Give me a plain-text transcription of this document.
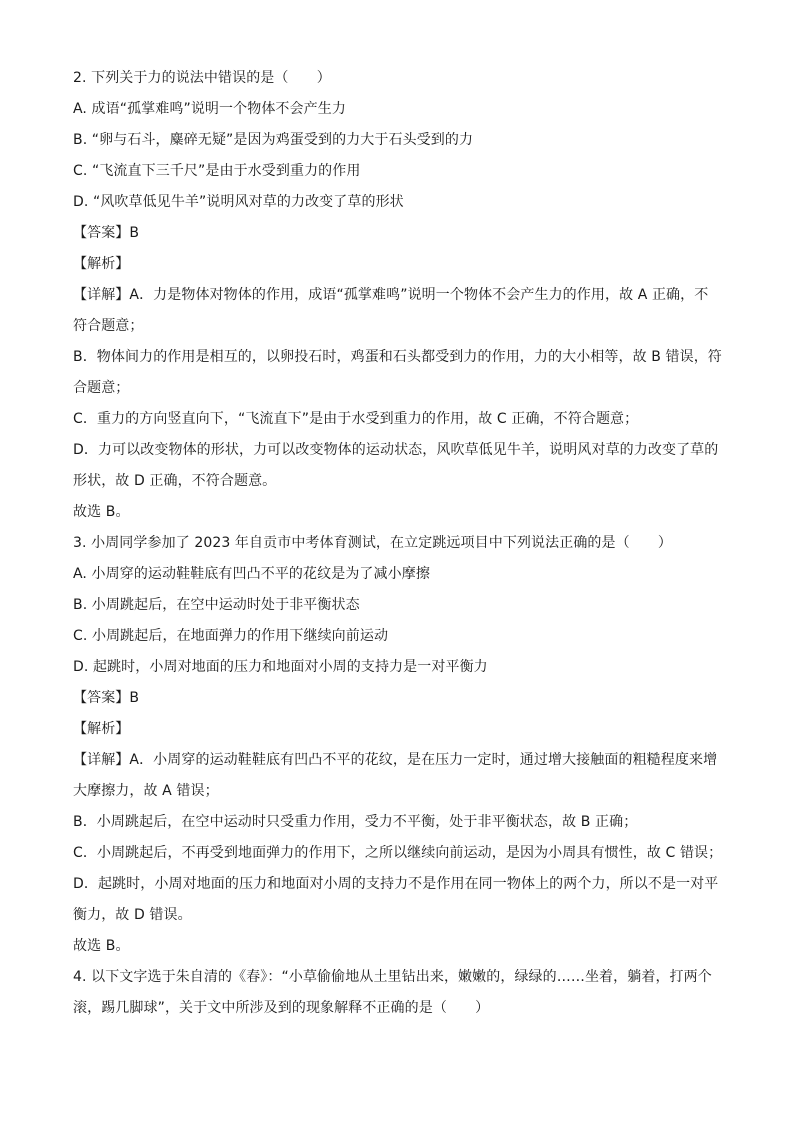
2. 下列关于力的说法中错误的是（　　）
A. 成语“孤掌难鸣”说明一个物体不会产生力
B. “卵与石斗，麋碎无疑”是因为鸡蛋受到的力大于石头受到的力
C. “飞流直下三千尺”是由于水受到重力的作用
D. “风吹草低见牛羊”说明风对草的力改变了草的形状
【答案】B
【解析】
【详解】A．力是物体对物体的作用，成语“孤掌难鸣”说明一个物体不会产生力的作用，故 A 正确，不
符合题意；
B．物体间力的作用是相互的，以卵投石时，鸡蛋和石头都受到力的作用，力的大小相等，故 B 错误，符
合题意；
C．重力的方向竖直向下，“飞流直下”是由于水受到重力的作用，故 C 正确，不符合题意；
D．力可以改变物体的形状，力可以改变物体的运动状态，风吹草低见牛羊，说明风对草的力改变了草的
形状，故 D 正确，不符合题意。
故选 B。
3. 小周同学参加了 2023 年自贡市中考体育测试，在立定跳远项目中下列说法正确的是（　　）
A. 小周穿的运动鞋鞋底有凹凸不平的花纹是为了减小摩擦
B. 小周跳起后，在空中运动时处于非平衡状态
C. 小周跳起后，在地面弹力的作用下继续向前运动
D. 起跳时，小周对地面的压力和地面对小周的支持力是一对平衡力
【答案】B
【解析】
【详解】A．小周穿的运动鞋鞋底有凹凸不平的花纹，是在压力一定时，通过增大接触面的粗糙程度来增
大摩擦力，故 A 错误；
B．小周跳起后，在空中运动时只受重力作用，受力不平衡，处于非平衡状态，故 B 正确；
C．小周跳起后，不再受到地面弹力的作用下，之所以继续向前运动，是因为小周具有惯性，故 C 错误；
D．起跳时，小周对地面的压力和地面对小周的支持力不是作用在同一物体上的两个力，所以不是一对平
衡力，故 D 错误。
故选 B。
4. 以下文字选于朱自清的《春》：“小草偷偷地从土里钻出来，嫩嫩的，绿绿的……坐着，躺着，打两个
滚，踢几脚球”，关于文中所涉及到的现象解释不正确的是（　　）
